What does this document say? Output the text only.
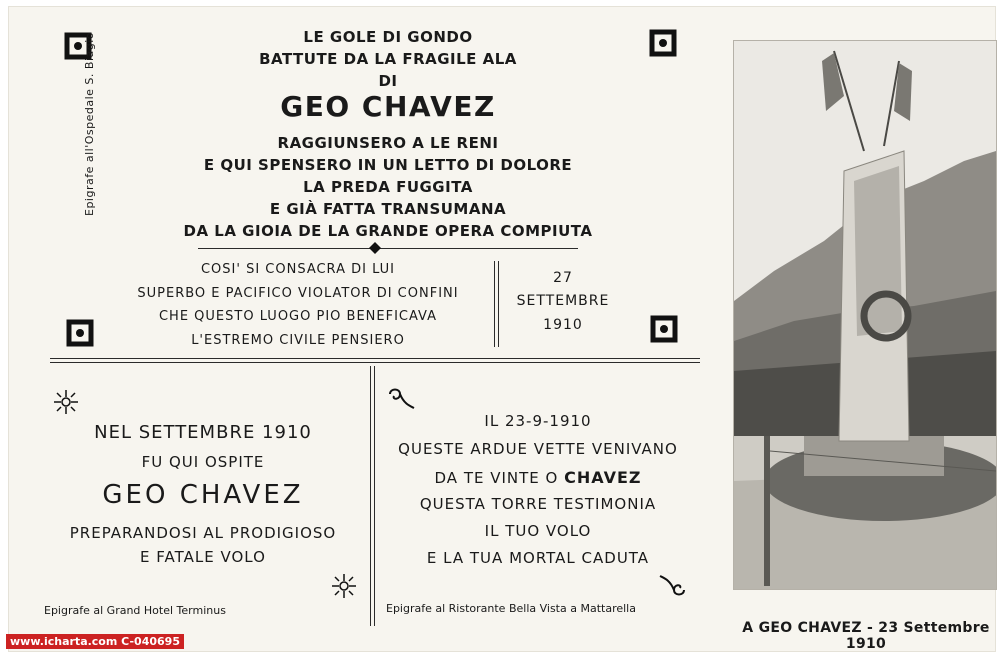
Epigrafe all'Ospedale S. Biagio	LE GOLE DI GONDO
BATTUTE DA LA FRAGILE ALA
DI
GEO CHAVEZ
RAGGIUNSERO A LE RENI
E QUI SPENSERO IN UN LETTO DI DOLORE
LA PREDA FUGGITA
E GIÀ FATTA TRANSUMANA
DA LA GIOIA DE LA GRANDE OPERA COMPIUTA
COSI' SI CONSACRA DI LUI
SUPERBO E PACIFICO VIOLATOR DI CONFINI
CHE QUESTO LUOGO PIO BENEFICAVA
L'ESTREMO CIVILE PENSIERO
27
SETTEMBRE
1910
NEL SETTEMBRE 1910
FU QUI OSPITE
GEO CHAVEZ
PREPARANDOSI AL PRODIGIOSO
E FATALE VOLO
Epigrafe al Grand Hotel Terminus
IL 23-9-1910
QUESTE ARDUE VETTE VENIVANO
DA TE VINTE O CHAVEZ
QUESTA TORRE TESTIMONIA
IL TUO VOLO
E LA TUA MORTAL CADUTA
Epigrafe al Ristorante Bella Vista a Mattarella
A GEO CHAVEZ - 23 Settembre 1910
www.icharta.com C-040695
